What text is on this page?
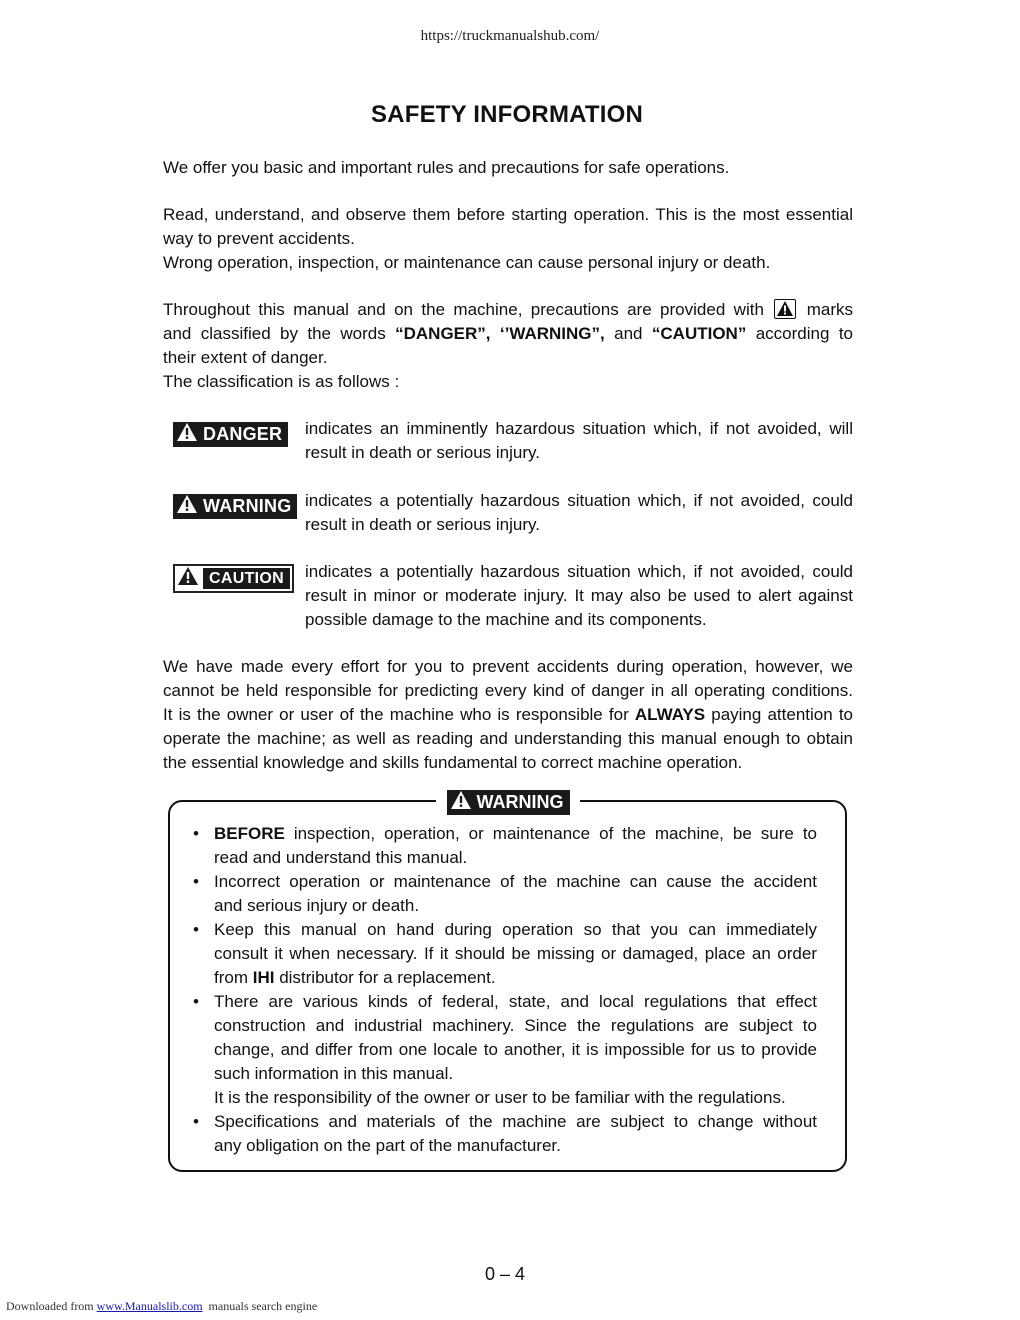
https://truckmanualshub.com/
SAFETY INFORMATION
We offer you basic and important rules and precautions for safe operations.
Read, understand, and observe them before starting operation. This is the most essential
way to prevent accidents.
Wrong operation, inspection, or maintenance can cause personal injury or death.
Throughout this manual and on the machine, precautions are provided with	marks
and classified by the words “DANGER”, ‘’WARNING”, and “CAUTION” according to
their extent of danger.
The classification is as follows :
DANGER indicates an imminently hazardous situation which, if not avoided, will
result in death or serious injury.
WARNING indicates a potentially hazardous situation which, if not avoided, could
result in death or serious injury.
CAUTION	indicates a potentially hazardous situation which, if not avoided, could
result in minor or moderate injury. It may also be used to alert against
possible damage to the machine and its components.
We have made every effort for you to prevent accidents during operation, however, we
cannot be held responsible for predicting every kind of danger in all operating conditions.
It is the owner or user of the machine who is responsible for ALWAYS paying attention to
operate the machine; as well as reading and understanding this manual enough to obtain
the essential knowledge and skills fundamental to correct machine operation.
WARNING
• BEFORE inspection, operation, or maintenance of the machine, be sure to
read and understand this manual.
• Incorrect operation or maintenance of the machine can cause the accident
and serious injury or death.
• Keep this manual on hand during operation so that you can immediately
consult it when necessary. If it should be missing or damaged, place an order
from IHI distributor for a replacement.
• There are various kinds of federal, state, and local regulations that effect
construction and industrial machinery. Since the regulations are subject to
change, and differ from one locale to another, it is impossible for us to provide
such information in this manual.
It is the responsibility of the owner or user to be familiar with the regulations.
• Specifications and materials of the machine are subject to change without
any obligation on the part of the manufacturer.
0 – 4
Downloaded from www.Manualslib.com  manuals search engine
